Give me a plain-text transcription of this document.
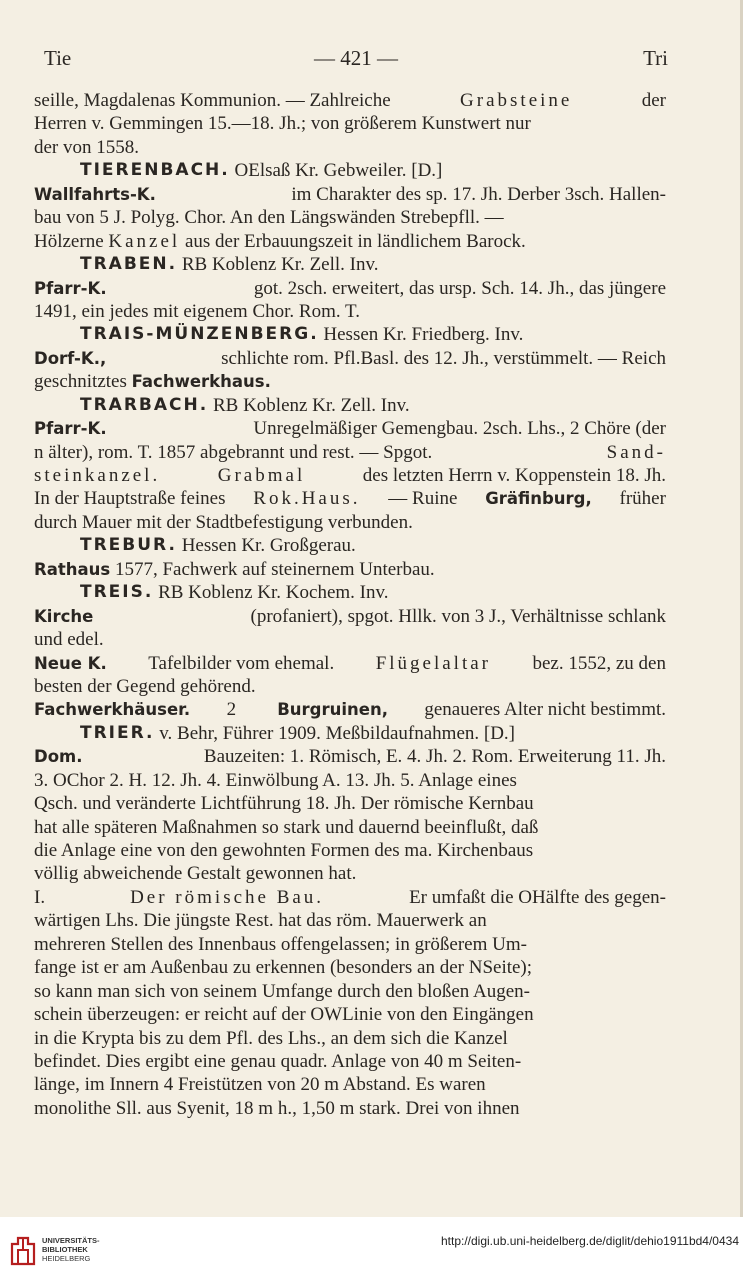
Tie	— 421 —	Tri
seille, Magdalenas Kommunion. — Zahlreiche	Grabsteine	der
Herren v. Gemmingen 15.—18. Jh.; von größerem Kunstwert nur
der von 1558.
TIERENBACH. OElsaß Kr. Gebweiler. [D.]
Wallfahrts-K.	im Charakter des sp. 17. Jh. Derber 3sch. Hallen-
bau von 5 J. Polyg. Chor. An den Längswänden Strebepfll. —
Hölzerne Kanzel aus der Erbauungszeit in ländlichem Barock.
TRABEN. RB Koblenz Kr. Zell. Inv.
Pfarr-K.	got. 2sch. erweitert, das ursp. Sch. 14. Jh., das jüngere
1491, ein jedes mit eigenem Chor. Rom. T.
TRAIS-MÜNZENBERG. Hessen Kr. Friedberg. Inv.
Dorf-K.,	schlichte rom. Pfl.Basl. des 12. Jh., verstümmelt. — Reich
geschnitztes Fachwerkhaus.
TRARBACH. RB Koblenz Kr. Zell. Inv.
Pfarr-K.	Unregelmäßiger Gemengbau. 2sch. Lhs., 2 Chöre (der
n älter), rom. T. 1857 abgebrannt und rest. — Spgot.	Sand-
steinkanzel.	Grabmal	des letzten Herrn v. Koppenstein 18. Jh.
In der Hauptstraße feines Rok.Haus. — Ruine Gräfinburg, früher
durch Mauer mit der Stadtbefestigung verbunden.
TREBUR. Hessen Kr. Großgerau.
Rathaus 1577, Fachwerk auf steinernem Unterbau.
TREIS. RB Koblenz Kr. Kochem. Inv.
Kirche	(profaniert), spgot. Hllk. von 3 J., Verhältnisse schlank
und edel.
Neue K. Tafelbilder vom ehemal. Flügelaltar bez. 1552, zu den
besten der Gegend gehörend.
Fachwerkhäuser. 2 Burgruinen, genaueres Alter nicht bestimmt.
TRIER. v. Behr, Führer 1909. Meßbildaufnahmen. [D.]
Dom.	Bauzeiten: 1. Römisch, E. 4. Jh. 2. Rom. Erweiterung 11. Jh.
3. OChor 2. H. 12. Jh. 4. Einwölbung A. 13. Jh. 5. Anlage eines
Qsch. und veränderte Lichtführung 18. Jh. Der römische Kernbau
hat alle späteren Maßnahmen so stark und dauernd beeinflußt, daß
die Anlage eine von den gewohnten Formen des ma. Kirchenbaus
völlig abweichende Gestalt gewonnen hat.
I.	Der römische Bau.	Er umfaßt die OHälfte des gegen-
wärtigen Lhs. Die jüngste Rest. hat das röm. Mauerwerk an
mehreren Stellen des Innenbaus offengelassen; in größerem Um-
fange ist er am Außenbau zu erkennen (besonders an der NSeite);
so kann man sich von seinem Umfange durch den bloßen Augen-
schein überzeugen: er reicht auf der OWLinie von den Eingängen
in die Krypta bis zu dem Pfl. des Lhs., an dem sich die Kanzel
befindet. Dies ergibt eine genau quadr. Anlage von 40 m Seiten-
länge, im Innern 4 Freistützen von 20 m Abstand. Es waren
monolithe Sll. aus Syenit, 18 m h., 1,50 m stark. Drei von ihnen
UNIVERSITÄTS-
BIBLIOTHEK
HEIDELBERG
http://digi.ub.uni-heidelberg.de/diglit/dehio1911bd4/0434
